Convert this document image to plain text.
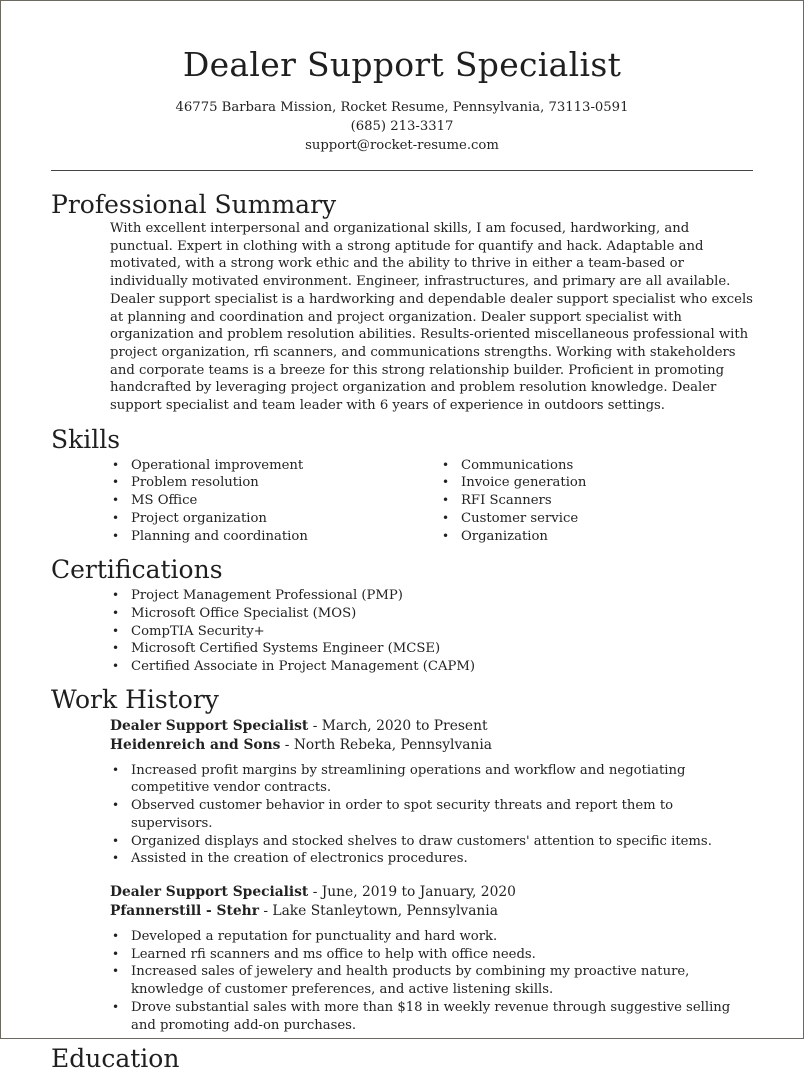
Dealer Support Specialist
46775 Barbara Mission, Rocket Resume, Pennsylvania, 73113-0591
(685) 213-3317
support@rocket-resume.com
Professional Summary
With excellent interpersonal and organizational skills, I am focused, hardworking, and punctual. Expert in clothing with a strong aptitude for quantify and hack. Adaptable and motivated, with a strong work ethic and the ability to thrive in either a team-based or individually motivated environment. Engineer, infrastructures, and primary are all available. Dealer support specialist is a hardworking and dependable dealer support specialist who excels at planning and coordination and project organization. Dealer support specialist with organization and problem resolution abilities. Results-oriented miscellaneous professional with project organization, rfi scanners, and communications strengths. Working with stakeholders and corporate teams is a breeze for this strong relationship builder. Proficient in promoting handcrafted by leveraging project organization and problem resolution knowledge. Dealer support specialist and team leader with 6 years of experience in outdoors settings.
Skills
• Operational improvement
• Problem resolution
• MS Office
• Project organization
• Planning and coordination
• Communications
• Invoice generation
• RFI Scanners
• Customer service
• Organization
Certifications
• Project Management Professional (PMP)
• Microsoft Office Specialist (MOS)
• CompTIA Security+
• Microsoft Certified Systems Engineer (MCSE)
• Certified Associate in Project Management (CAPM)
Work History
Dealer Support Specialist - March, 2020 to Present
Heidenreich and Sons - North Rebeka, Pennsylvania
• Increased profit margins by streamlining operations and workflow and negotiating competitive vendor contracts.
• Observed customer behavior in order to spot security threats and report them to supervisors.
• Organized displays and stocked shelves to draw customers' attention to specific items.
• Assisted in the creation of electronics procedures.
Dealer Support Specialist - June, 2019 to January, 2020
Pfannerstill - Stehr - Lake Stanleytown, Pennsylvania
• Developed a reputation for punctuality and hard work.
• Learned rfi scanners and ms office to help with office needs.
• Increased sales of jewelery and health products by combining my proactive nature, knowledge of customer preferences, and active listening skills.
• Drove substantial sales with more than $18 in weekly revenue through suggestive selling and promoting add-on purchases.
Education
